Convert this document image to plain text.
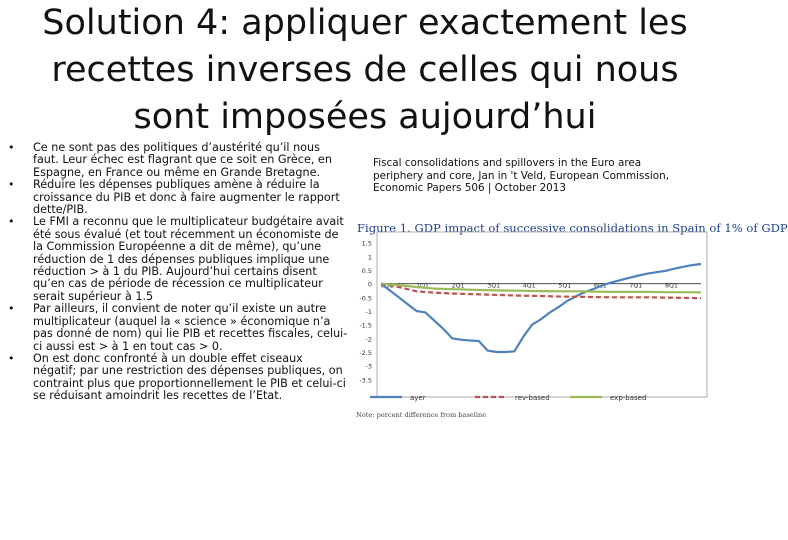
Solution 4: appliquer exactement les recettes inverses de celles qui nous sont imposées aujourd’hui
• Ce ne sont pas des politiques d’austérité qu’il nous faut. Leur échec est flagrant que ce soit en Grèce, en Espagne, en France ou même en Grande Bretagne.
• Réduire les dépenses publiques amène à réduire la croissance du PIB et donc à faire augmenter le rapport dette/PIB.
• Le FMI a reconnu que le multiplicateur budgétaire avait été sous évalué (et tout récemment un économiste de la Commission Européenne a dit de même), qu’une réduction de 1 des dépenses publiques implique une réduction > à 1 du PIB. Aujourd’hui certains disent qu’en cas de période de récession ce multiplicateur serait supérieur à 1.5
• Par ailleurs, il convient de noter qu’il existe un autre multiplicateur (auquel la « science » économique n’a pas donné de nom) qui lie PIB et recettes fiscales, celui-ci aussi est > à 1 en tout cas > 0.
• On est donc confronté à un double effet ciseaux négatif; par une restriction des dépenses publiques, on contraint plus que proportionnellement le PIB et celui-ci se réduisant amoindrit les recettes de l’Etat.
Fiscal consolidations and spillovers in the Euro area periphery and core, Jan in 't Veld, European Commission, Economic Papers 506 | October 2013
Figure 1. GDP impact of successive consolidations in Spain of 1% of GDP
1.5
1
0.5
0
-0.5
-1
-1.5
-2
-2.5
-3
-3.5
0Q1	1Q1	2Q1	3Q1	4Q1	5Q1	6Q1	7Q1	8Q1
ayer	rev-based	exp-based
Note: percent difference from baseline
